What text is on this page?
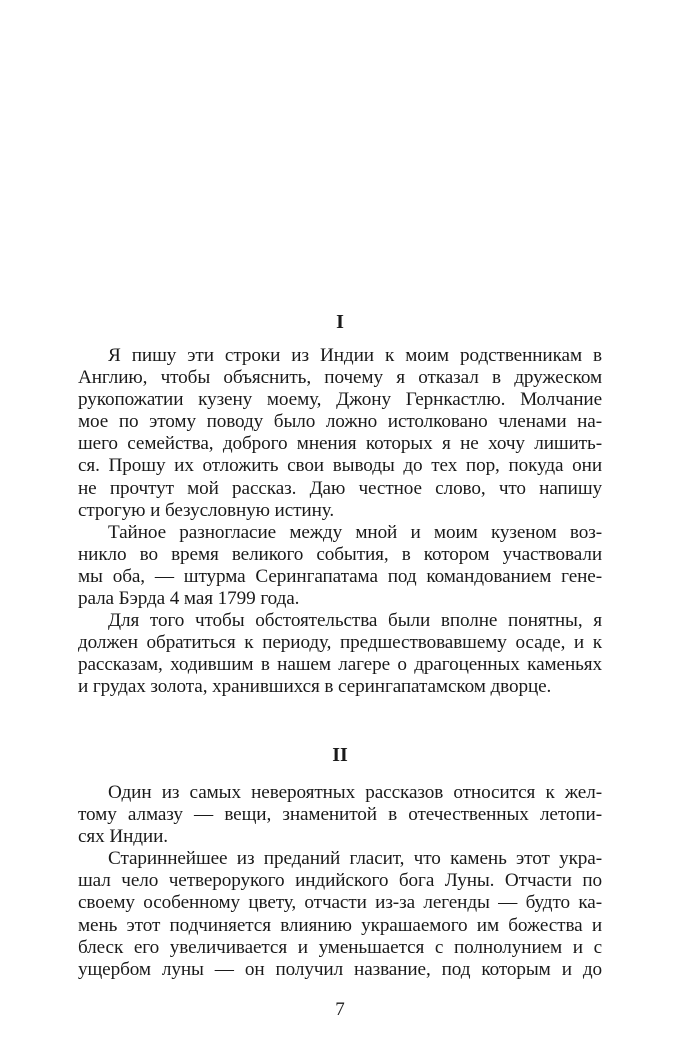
I

Я пишу эти строки из Индии к моим родственникам в
Англию, чтобы объяснить, почему я отказал в дружеском
рукопожатии кузену моему, Джону Гернкастлю. Молчание
мое по этому поводу было ложно истолковано членами на-
шего семейства, доброго мнения которых я не хочу лишить-
ся. Прошу их отложить свои выводы до тех пор, покуда они
не прочтут мой рассказ. Даю честное слово, что напишу
строгую и безусловную истину.

Тайное разногласие между мной и моим кузеном воз-
никло во время великого события, в котором участвовали
мы оба, — штурма Серингапатама под командованием гене-
рала Бэрда 4 мая 1799 года.

Для того чтобы обстоятельства были вполне понятны, я
должен обратиться к периоду, предшествовавшему осаде, и к
рассказам, ходившим в нашем лагере о драгоценных каменьях
и грудах золота, хранившихся в серингапатамском дворце.

II

Один из самых невероятных рассказов относится к жел-
тому алмазу — вещи, знаменитой в отечественных летопи-
сях Индии.

Стариннейшее из преданий гласит, что камень этот укра-
шал чело четверорукого индийского бога Луны. Отчасти по
своему особенному цвету, отчасти из-за легенды — будто ка-
мень этот подчиняется влиянию украшаемого им божества и
блеск его увеличивается и уменьшается с полнолунием и с
ущербом луны — он получил название, под которым и до

7
